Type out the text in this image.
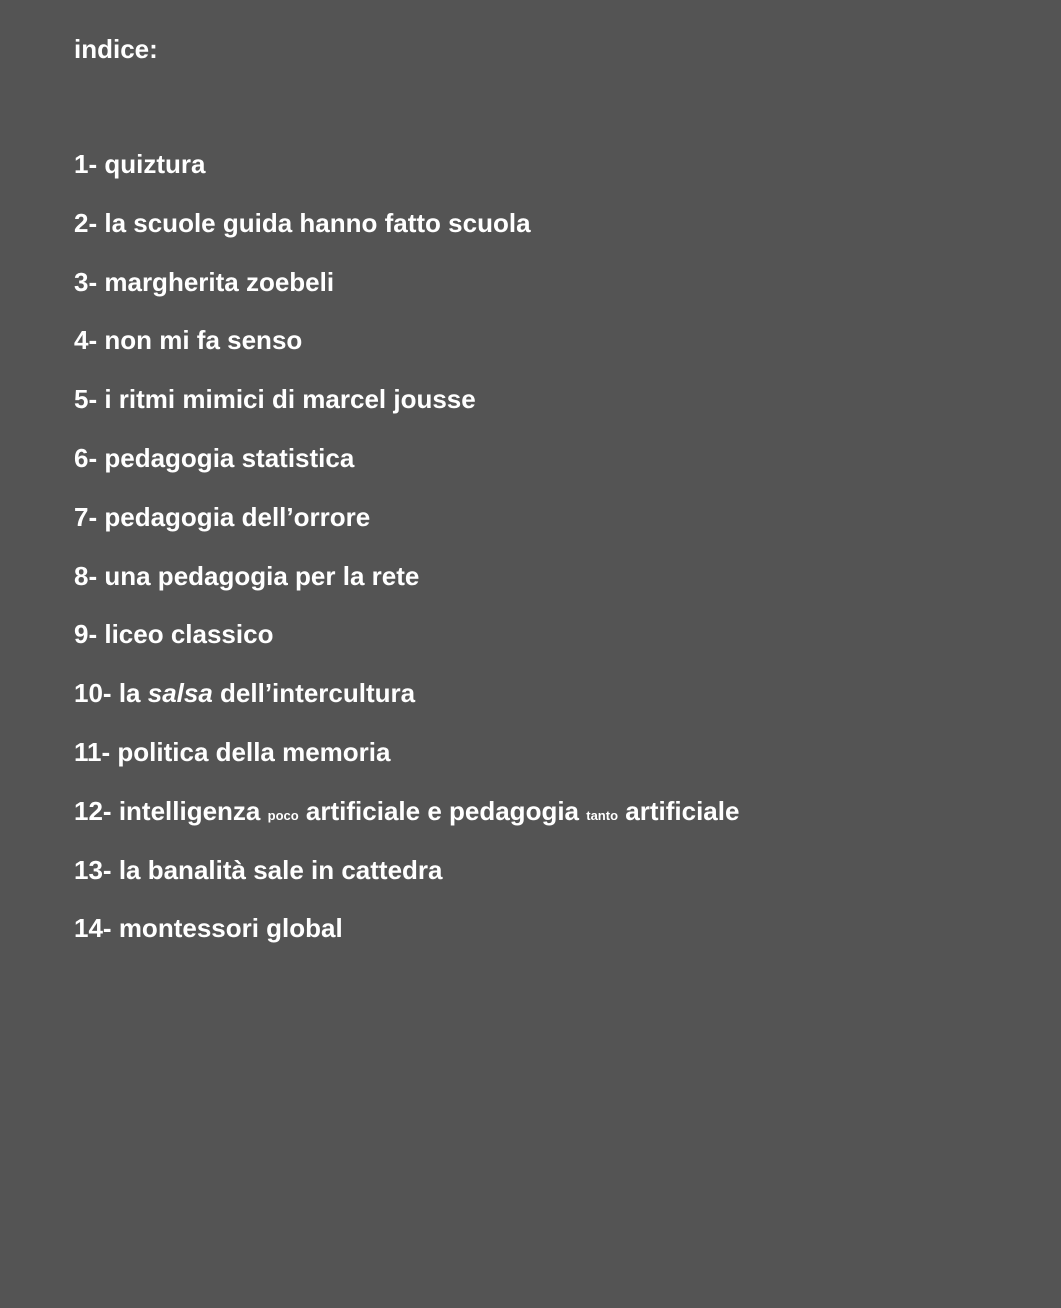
indice:
1- quiztura
2- la scuole guida hanno fatto scuola
3- margherita zoebeli
4- non mi fa senso
5- i ritmi mimici di marcel jousse
6- pedagogia statistica
7- pedagogia dell’orrore
8- una pedagogia per la rete
9- liceo classico
10- la salsa dell’intercultura
11- politica della memoria
12- intelligenza poco artificiale e pedagogia tanto artificiale
13- la banalità sale in cattedra
14- montessori global
